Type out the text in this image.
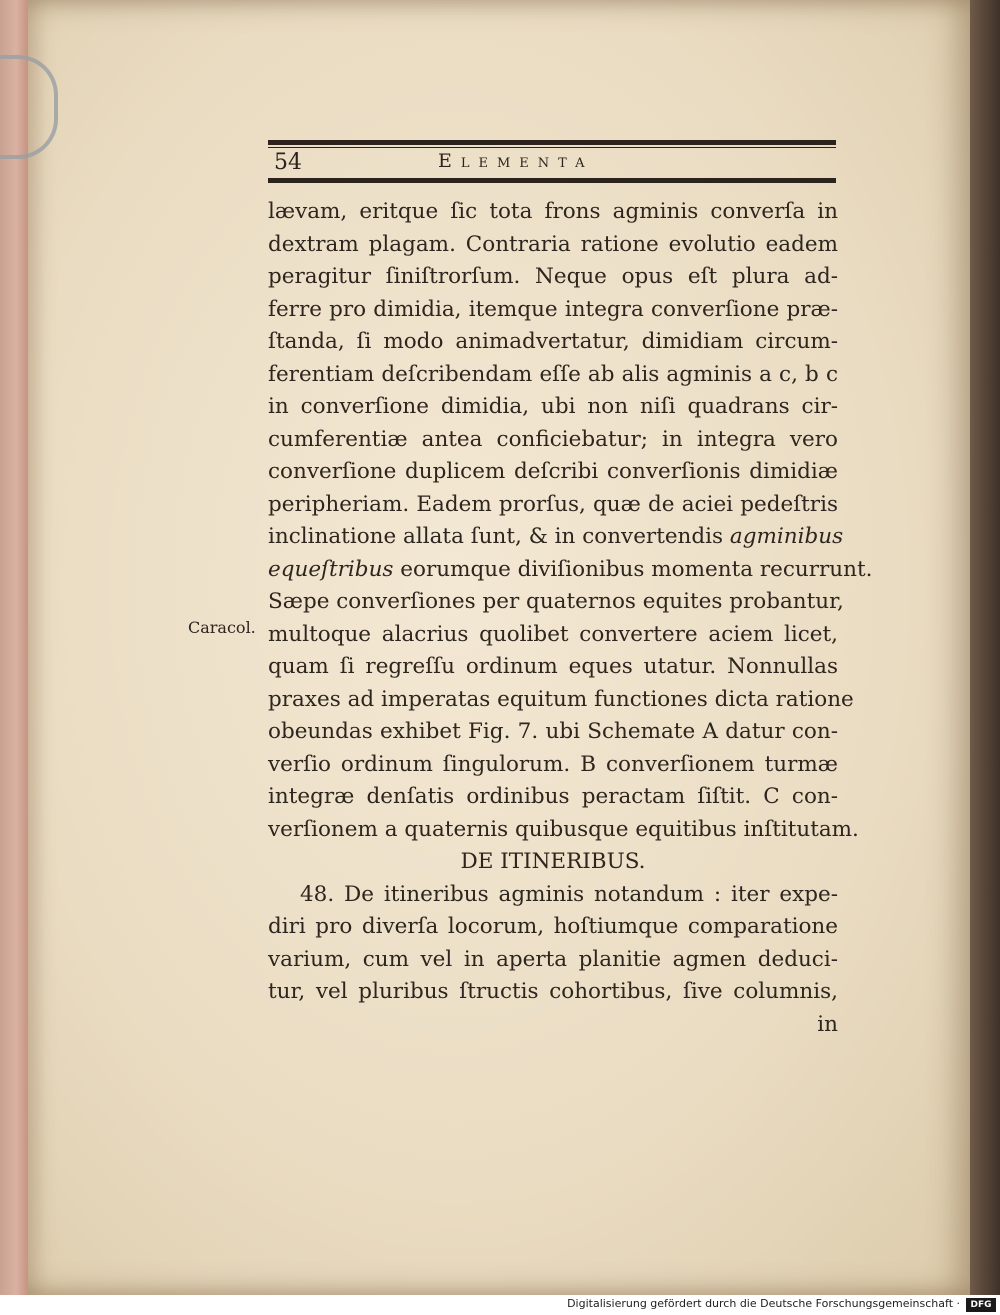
54	Elementa
Caracol.
lævam, eritque ſic tota frons agminis converſa in
dextram plagam. Contraria ratione evolutio eadem
peragitur ſiniſtrorſum. Neque opus eſt plura ad-
ferre pro dimidia, itemque integra converſione præ-
ſtanda, ſi modo animadvertatur, dimidiam circum-
ferentiam deſcribendam eſſe ab alis agminis a c, b c
in converſione dimidia, ubi non niſi quadrans cir-
cumferentiæ antea conficiebatur; in integra vero
converſione duplicem deſcribi converſionis dimidiæ
peripheriam. Eadem prorſus, quæ de aciei pedeſtris
inclinatione allata ſunt, & in convertendis agminibus
equeſtribus eorumque diviſionibus momenta recurrunt.
Sæpe converſiones per quaternos equites probantur,
multoque alacrius quolibet convertere aciem licet,
quam ſi regreſſu ordinum eques utatur. Nonnullas
praxes ad imperatas equitum functiones dicta ratione
obeundas exhibet Fig. 7. ubi Schemate A datur con-
verſio ordinum ſingulorum. B converſionem turmæ
integræ denſatis ordinibus peractam ſiſtit. C con-
verſionem a quaternis quibusque equitibus inſtitutam.
DE ITINERIBUS.
48. De itineribus agminis notandum : iter expe-
diri pro diverſa locorum, hoſtiumque comparatione
varium, cum vel in aperta planitie agmen deduci-
tur, vel pluribus ſtructis cohortibus, ſive columnis,
in
Digitalisierung gefördert durch die Deutsche Forschungsgemeinschaft ·	DFG
